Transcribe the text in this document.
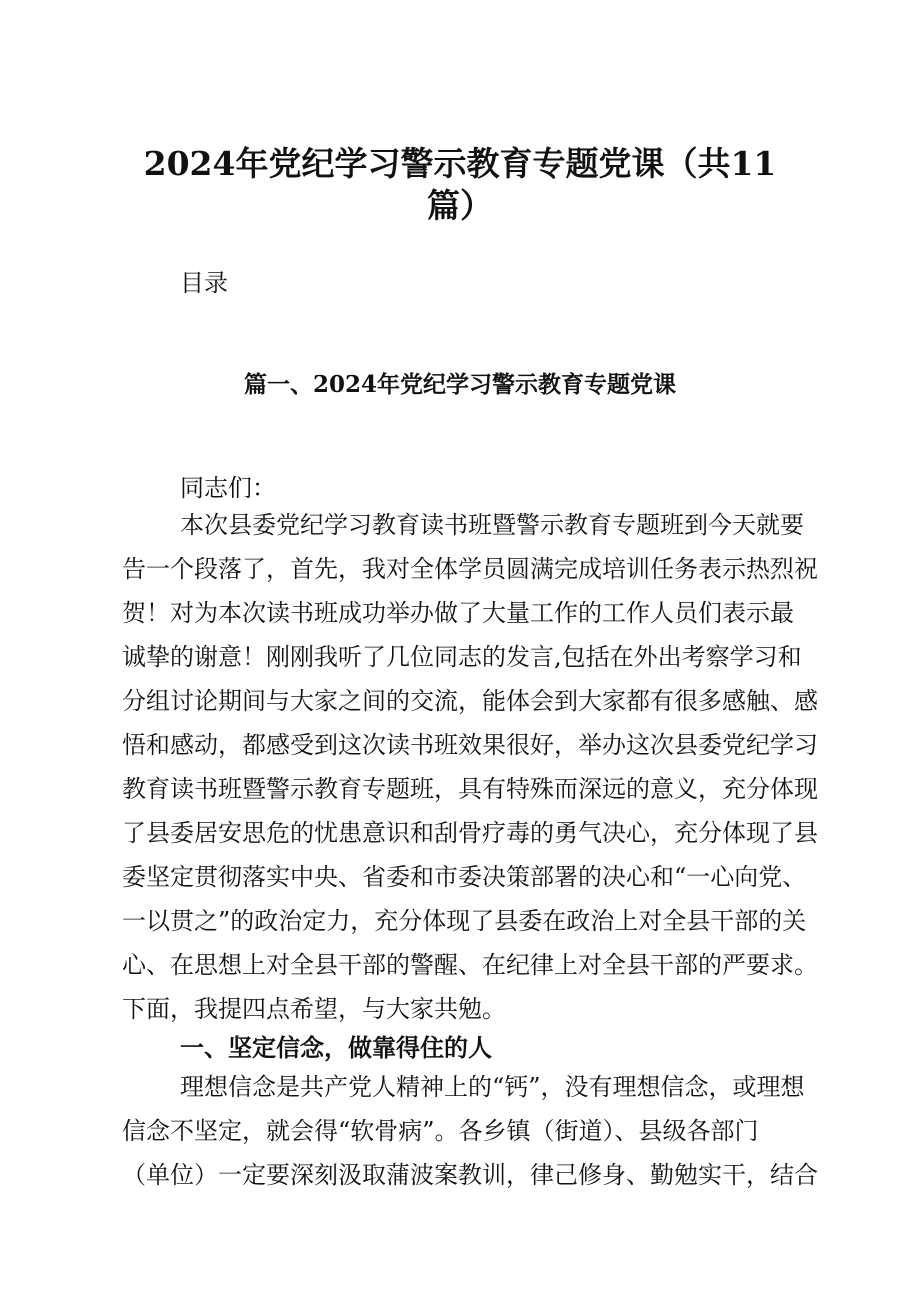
2024年党纪学习警示教育专题党课（共11
篇）
目录
篇一、2024年党纪学习警示教育专题党课
同志们：
本次县委党纪学习教育读书班暨警示教育专题班到今天就要
告一个段落了，首先，我对全体学员圆满完成培训任务表示热烈祝
贺！对为本次读书班成功举办做了大量工作的工作人员们表示最
诚挚的谢意！刚刚我听了几位同志的发言,包括在外出考察学习和
分组讨论期间与大家之间的交流，能体会到大家都有很多感触、感
悟和感动，都感受到这次读书班效果很好，举办这次县委党纪学习
教育读书班暨警示教育专题班，具有特殊而深远的意义，充分体现
了县委居安思危的忧患意识和刮骨疗毒的勇气决心，充分体现了县
委坚定贯彻落实中央、省委和市委决策部署的决心和“一心向党、
一以贯之”的政治定力，充分体现了县委在政治上对全县干部的关
心、在思想上对全县干部的警醒、在纪律上对全县干部的严要求。
下面，我提四点希望，与大家共勉。
一、坚定信念，做靠得住的人
理想信念是共产党人精神上的“钙”，没有理想信念，或理想
信念不坚定，就会得“软骨病”。各乡镇（街道）、县级各部门
（单位）一定要深刻汲取蒲波案教训，律己修身、勤勉实干，结合
